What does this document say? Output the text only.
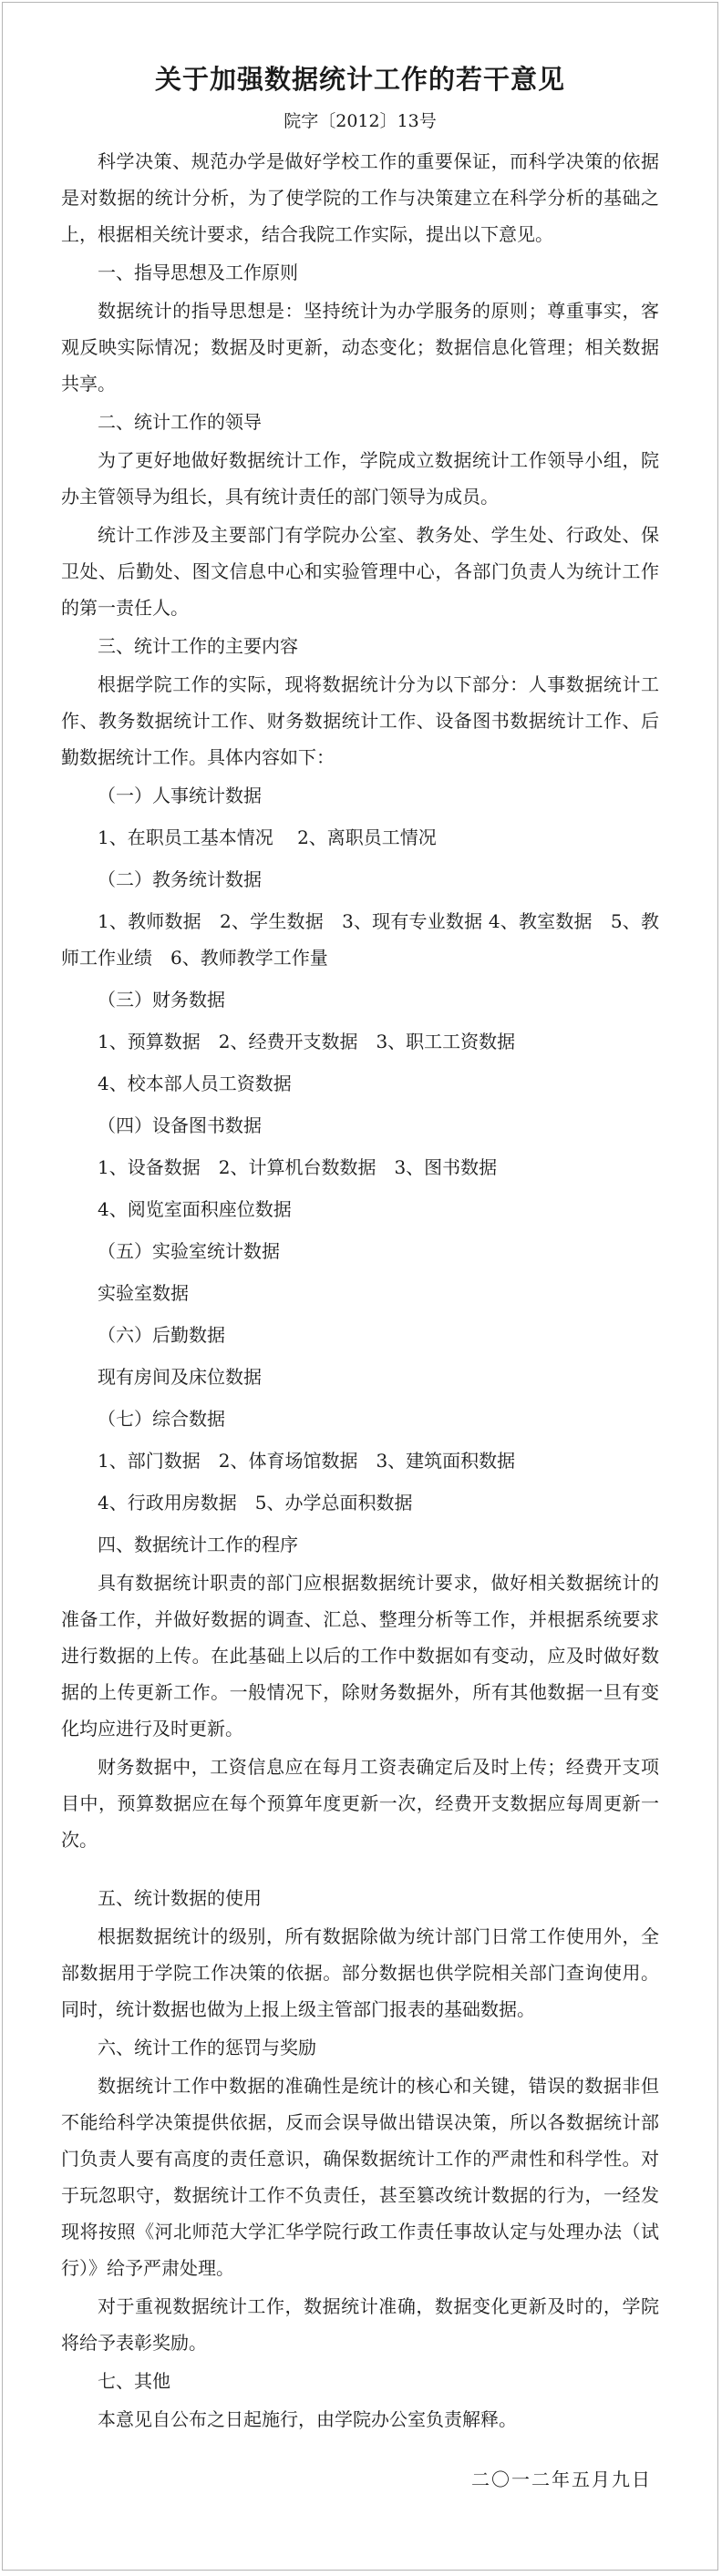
关于加强数据统计工作的若干意见
院字〔2012〕13号
科学决策、规范办学是做好学校工作的重要保证，而科学决策的依据是对数据的统计分析，为了使学院的工作与决策建立在科学分析的基础之上，根据相关统计要求，结合我院工作实际，提出以下意见。
一、指导思想及工作原则
数据统计的指导思想是：坚持统计为办学服务的原则；尊重事实，客观反映实际情况；数据及时更新，动态变化；数据信息化管理；相关数据共享。
二、统计工作的领导
为了更好地做好数据统计工作，学院成立数据统计工作领导小组，院办主管领导为组长，具有统计责任的部门领导为成员。
统计工作涉及主要部门有学院办公室、教务处、学生处、行政处、保卫处、后勤处、图文信息中心和实验管理中心，各部门负责人为统计工作的第一责任人。
三、统计工作的主要内容
根据学院工作的实际，现将数据统计分为以下部分：人事数据统计工作、教务数据统计工作、财务数据统计工作、设备图书数据统计工作、后勤数据统计工作。具体内容如下：
（一）人事统计数据
1、在职员工基本情况　 2、离职员工情况
（二）教务统计数据
1、教师数据　2、学生数据　3、现有专业数据 4、教室数据　5、教师工作业绩　6、教师教学工作量
（三）财务数据
1、预算数据　2、经费开支数据　3、职工工资数据
4、校本部人员工资数据
（四）设备图书数据
1、设备数据　2、计算机台数数据　3、图书数据
4、阅览室面积座位数据
（五）实验室统计数据
实验室数据
（六）后勤数据
现有房间及床位数据
（七）综合数据
1、部门数据　2、体育场馆数据　3、建筑面积数据
4、行政用房数据　5、办学总面积数据
四、数据统计工作的程序
具有数据统计职责的部门应根据数据统计要求，做好相关数据统计的准备工作，并做好数据的调查、汇总、整理分析等工作，并根据系统要求进行数据的上传。在此基础上以后的工作中数据如有变动，应及时做好数据的上传更新工作。一般情况下，除财务数据外，所有其他数据一旦有变化均应进行及时更新。
财务数据中，工资信息应在每月工资表确定后及时上传；经费开支项目中，预算数据应在每个预算年度更新一次，经费开支数据应每周更新一次。
五、统计数据的使用
根据数据统计的级别，所有数据除做为统计部门日常工作使用外，全部数据用于学院工作决策的依据。部分数据也供学院相关部门查询使用。同时，统计数据也做为上报上级主管部门报表的基础数据。
六、统计工作的惩罚与奖励
数据统计工作中数据的准确性是统计的核心和关键，错误的数据非但不能给科学决策提供依据，反而会误导做出错误决策，所以各数据统计部门负责人要有高度的责任意识，确保数据统计工作的严肃性和科学性。对于玩忽职守，数据统计工作不负责任，甚至篡改统计数据的行为，一经发现将按照《河北师范大学汇华学院行政工作责任事故认定与处理办法（试行）》给予严肃处理。
对于重视数据统计工作，数据统计准确，数据变化更新及时的，学院将给予表彰奖励。
七、其他
本意见自公布之日起施行，由学院办公室负责解释。
二〇一二年五月九日
